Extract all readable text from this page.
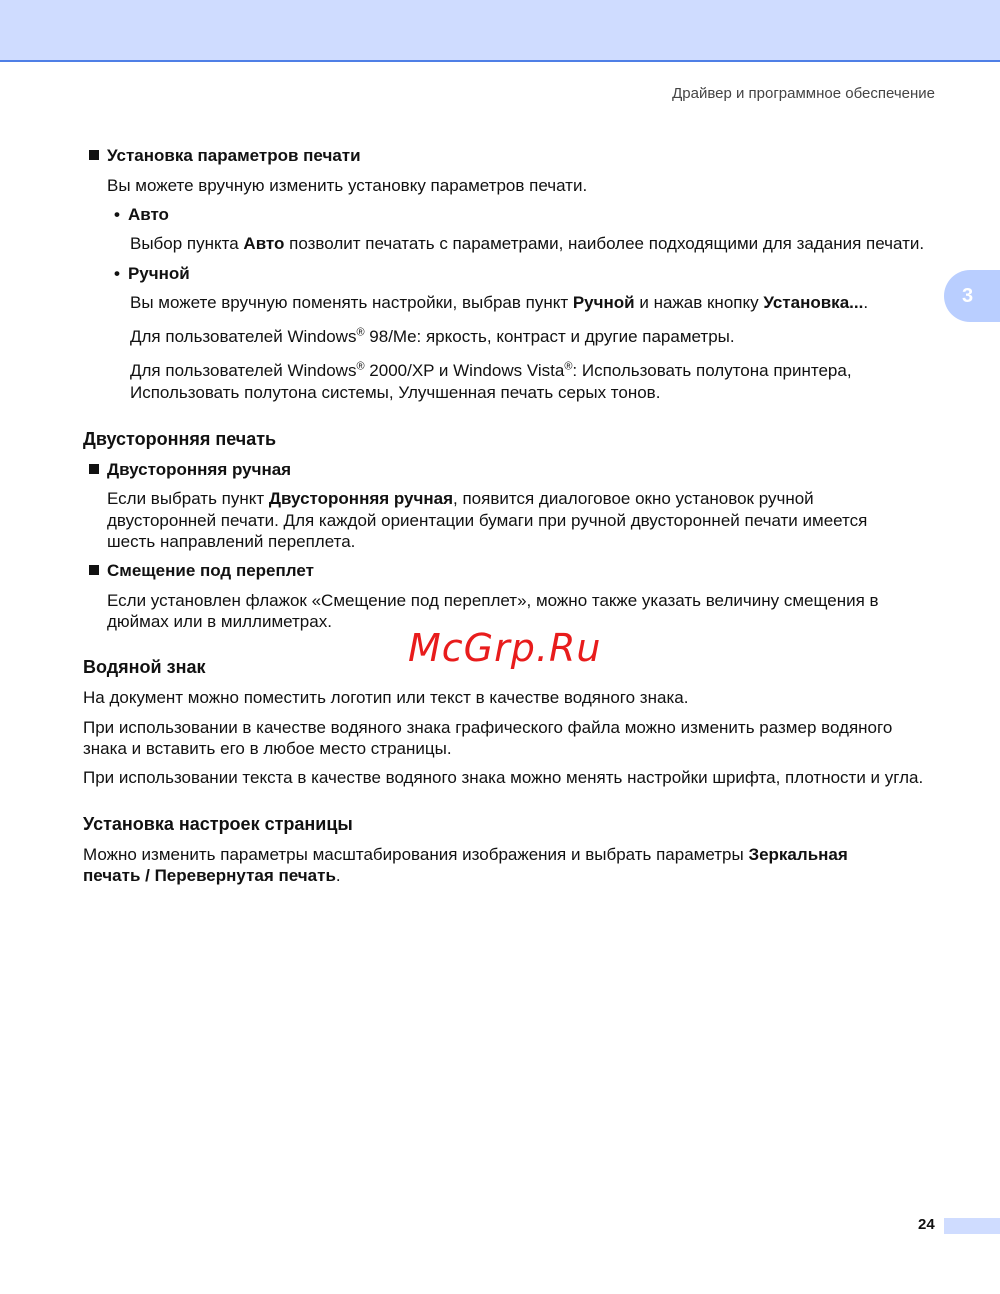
Драйвер и программное обеспечение
3
Установка параметров печати
Вы можете вручную изменить установку параметров печати.
• Авто
Выбор пункта Авто позволит печатать с параметрами, наиболее подходящими для задания печати.
• Ручной
Вы можете вручную поменять настройки, выбрав пункт Ручной и нажав кнопку Установка....
Для пользователей Windows® 98/Me: яркость, контраст и другие параметры.
Для пользователей Windows® 2000/XP и Windows Vista®: Использовать полутона принтера,
Использовать полутона системы, Улучшенная печать серых тонов.
Двусторонняя печать
Двусторонняя ручная
Если выбрать пункт Двусторонняя ручная, появится диалоговое окно установок ручной
двусторонней печати. Для каждой ориентации бумаги при ручной двусторонней печати имеется
шесть направлений переплета.
Смещение под переплет
Если установлен флажок «Смещение под переплет», можно также указать величину смещения в
дюймах или в миллиметрах.
McGrp.Ru
Водяной знак
На документ можно поместить логотип или текст в качестве водяного знака.
При использовании в качестве водяного знака графического файла можно изменить размер водяного
знака и вставить его в любое место страницы.
При использовании текста в качестве водяного знака можно менять настройки шрифта, плотности и угла.
Установка настроек страницы
Можно изменить параметры масштабирования изображения и выбрать параметры Зеркальная
печать / Перевернутая печать.
24
